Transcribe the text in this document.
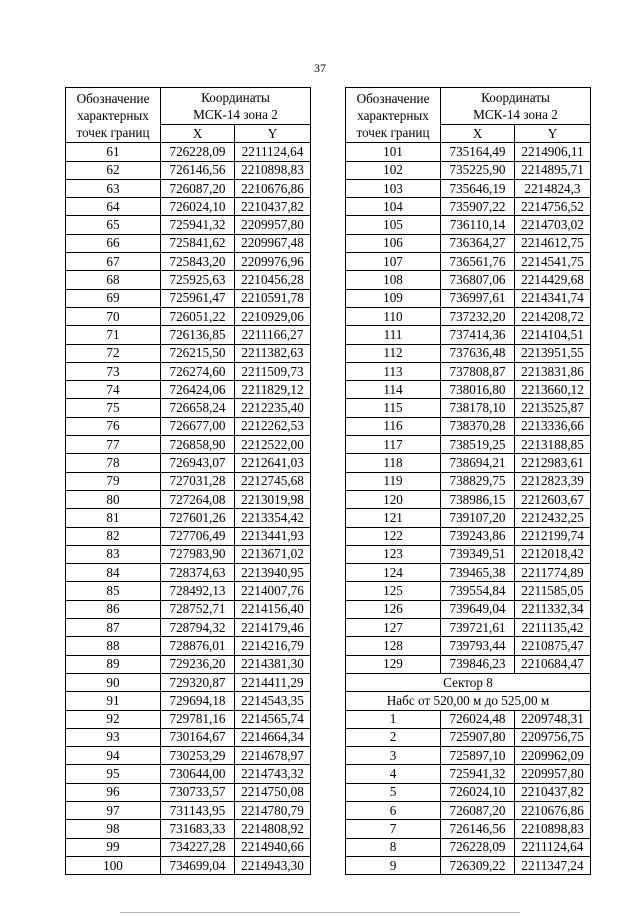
37
Обозначение характерных точек границ	Координаты
МСК-14 зона 2	

	X	Y
61	726228,09	2211124,64
62	726146,56	2210898,83
63	726087,20	2210676,86
64	726024,10	2210437,82
65	725941,32	2209957,80
66	725841,62	2209967,48
67	725843,20	2209976,96
68	725925,63	2210456,28
69	725961,47	2210591,78
70	726051,22	2210929,06
71	726136,85	2211166,27
72	726215,50	2211382,63
73	726274,60	2211509,73
74	726424,06	2211829,12
75	726658,24	2212235,40
76	726677,00	2212262,53
77	726858,90	2212522,00
78	726943,07	2212641,03
79	727031,28	2212745,68
80	727264,08	2213019,98
81	727601,26	2213354,42
82	727706,49	2213441,93
83	727983,90	2213671,02
84	728374,63	2213940,95
85	728492,13	2214007,76
86	728752,71	2214156,40
87	728794,32	2214179,46
88	728876,01	2214216,79
89	729236,20	2214381,30
90	729320,87	2214411,29
91	729694,18	2214543,35
92	729781,16	2214565,74
93	730164,67	2214664,34
94	730253,29	2214678,97
95	730644,00	2214743,32
96	730733,57	2214750,08
97	731143,95	2214780,79
98	731683,33	2214808,92
99	734227,28	2214940,66
100	734699,04	2214943,30
Обозначение характерных точек границ	Координаты
МСК-14 зона 2	

	X	Y
101	735164,49	2214906,11
102	735225,90	2214895,71
103	735646,19	2214824,3
104	735907,22	2214756,52
105	736110,14	2214703,02
106	736364,27	2214612,75
107	736561,76	2214541,75
108	736807,06	2214429,68
109	736997,61	2214341,74
110	737232,20	2214208,72
111	737414,36	2214104,51
112	737636,48	2213951,55
113	737808,87	2213831,86
114	738016,80	2213660,12
115	738178,10	2213525,87
116	738370,28	2213336,66
117	738519,25	2213188,85
118	738694,21	2212983,61
119	738829,75	2212823,39
120	738986,15	2212603,67
121	739107,20	2212432,25
122	739243,86	2212199,74
123	739349,51	2212018,42
124	739465,38	2211774,89
125	739554,84	2211585,05
126	739649,04	2211332,34
127	739721,61	2211135,42
128	739793,44	2210875,47
129	739846,23	2210684,47
Сектор 8		
Набс от 520,00 м до 525,00 м		
1	726024,48	2209748,31
2	725907,80	2209756,75
3	725897,10	2209962,09
4	725941,32	2209957,80
5	726024,10	2210437,82
6	726087,20	2210676,86
7	726146,56	2210898,83
8	726228,09	2211124,64
9	726309,22	2211347,24
